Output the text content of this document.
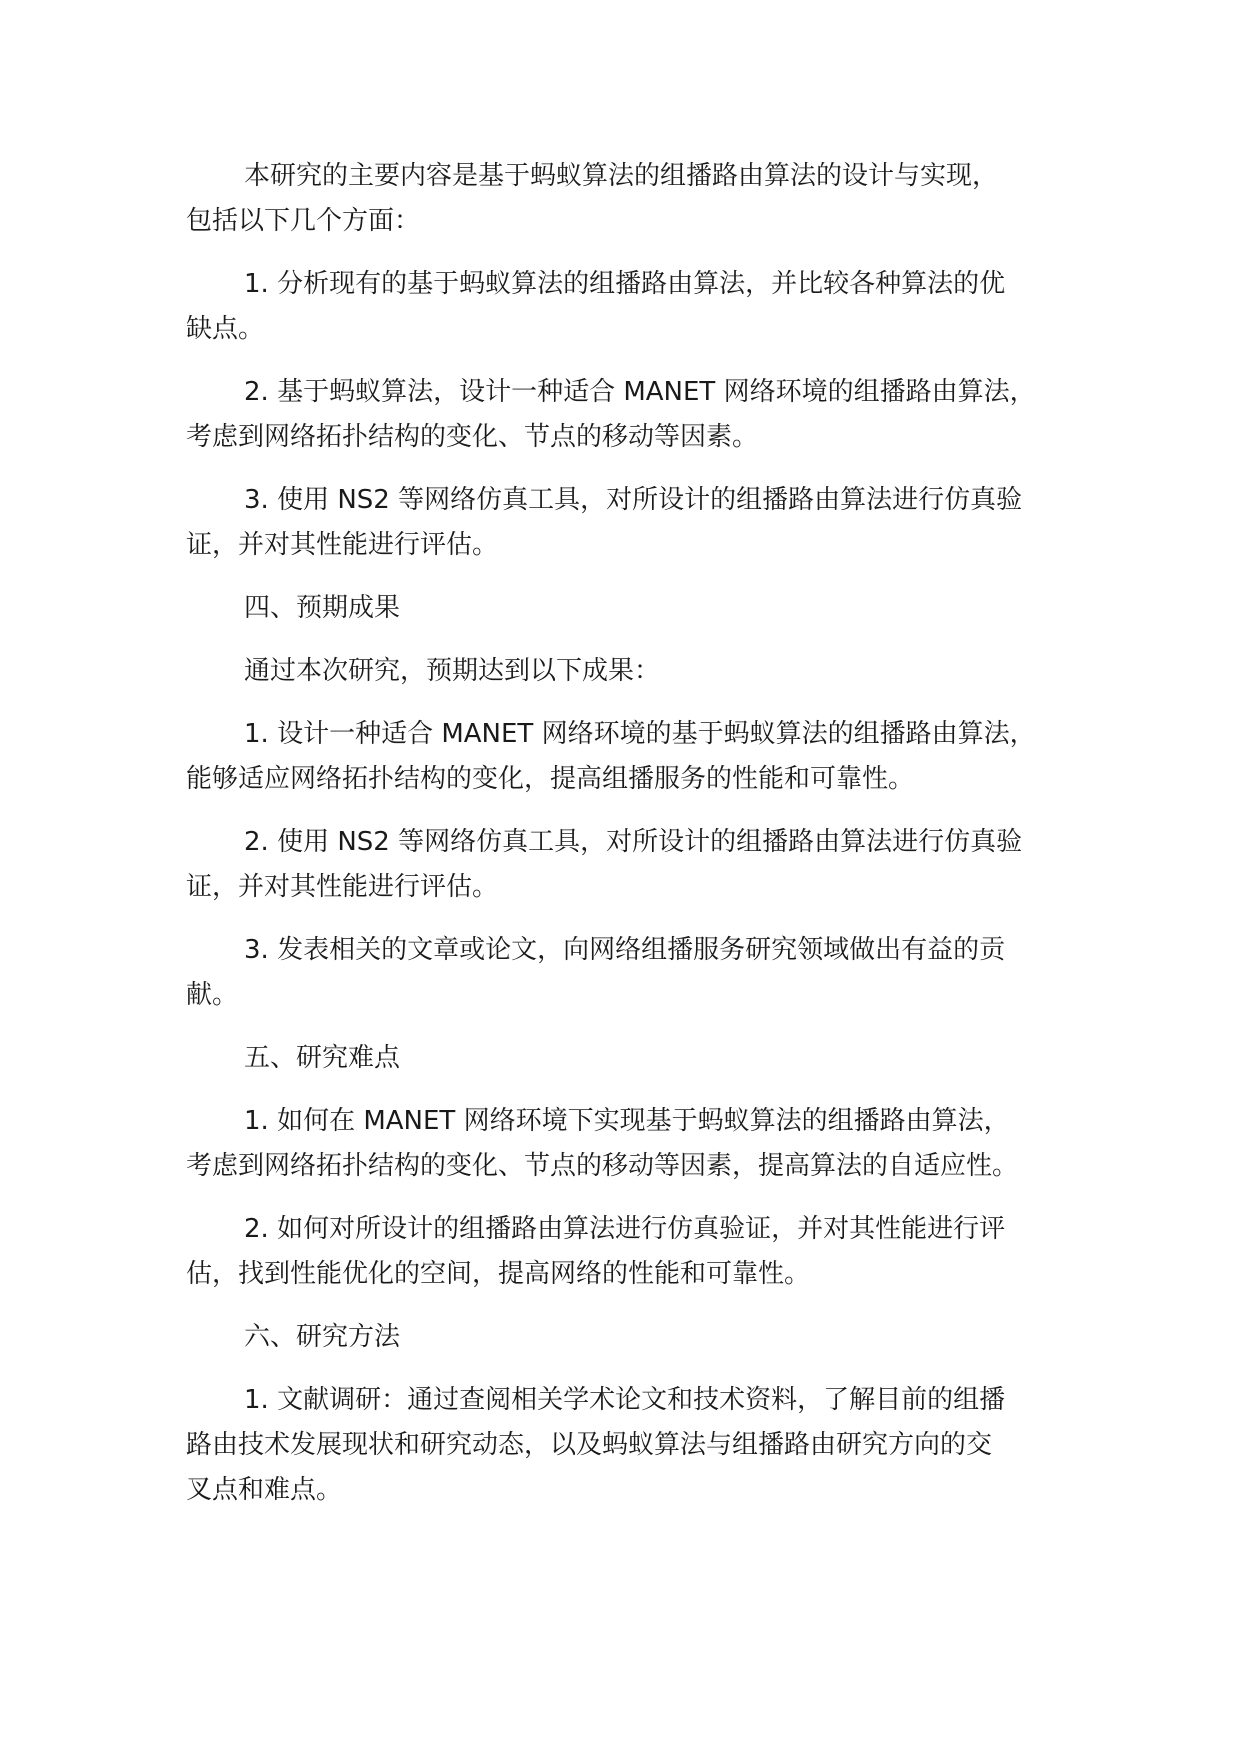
本研究的主要内容是基于蚂蚁算法的组播路由算法的设计与实现，
包括以下几个方面：

1. 分析现有的基于蚂蚁算法的组播路由算法，并比较各种算法的优
缺点。

2. 基于蚂蚁算法，设计一种适合 MANET 网络环境的组播路由算法，
考虑到网络拓扑结构的变化、节点的移动等因素。

3. 使用 NS2 等网络仿真工具，对所设计的组播路由算法进行仿真验
证，并对其性能进行评估。

四、预期成果

通过本次研究，预期达到以下成果：

1. 设计一种适合 MANET 网络环境的基于蚂蚁算法的组播路由算法，
能够适应网络拓扑结构的变化，提高组播服务的性能和可靠性。

2. 使用 NS2 等网络仿真工具，对所设计的组播路由算法进行仿真验
证，并对其性能进行评估。

3. 发表相关的文章或论文，向网络组播服务研究领域做出有益的贡
献。

五、研究难点

1. 如何在 MANET 网络环境下实现基于蚂蚁算法的组播路由算法，
考虑到网络拓扑结构的变化、节点的移动等因素，提高算法的自适应性。

2. 如何对所设计的组播路由算法进行仿真验证，并对其性能进行评
估，找到性能优化的空间，提高网络的性能和可靠性。

六、研究方法

1. 文献调研：通过查阅相关学术论文和技术资料，了解目前的组播
路由技术发展现状和研究动态，以及蚂蚁算法与组播路由研究方向的交
叉点和难点。
